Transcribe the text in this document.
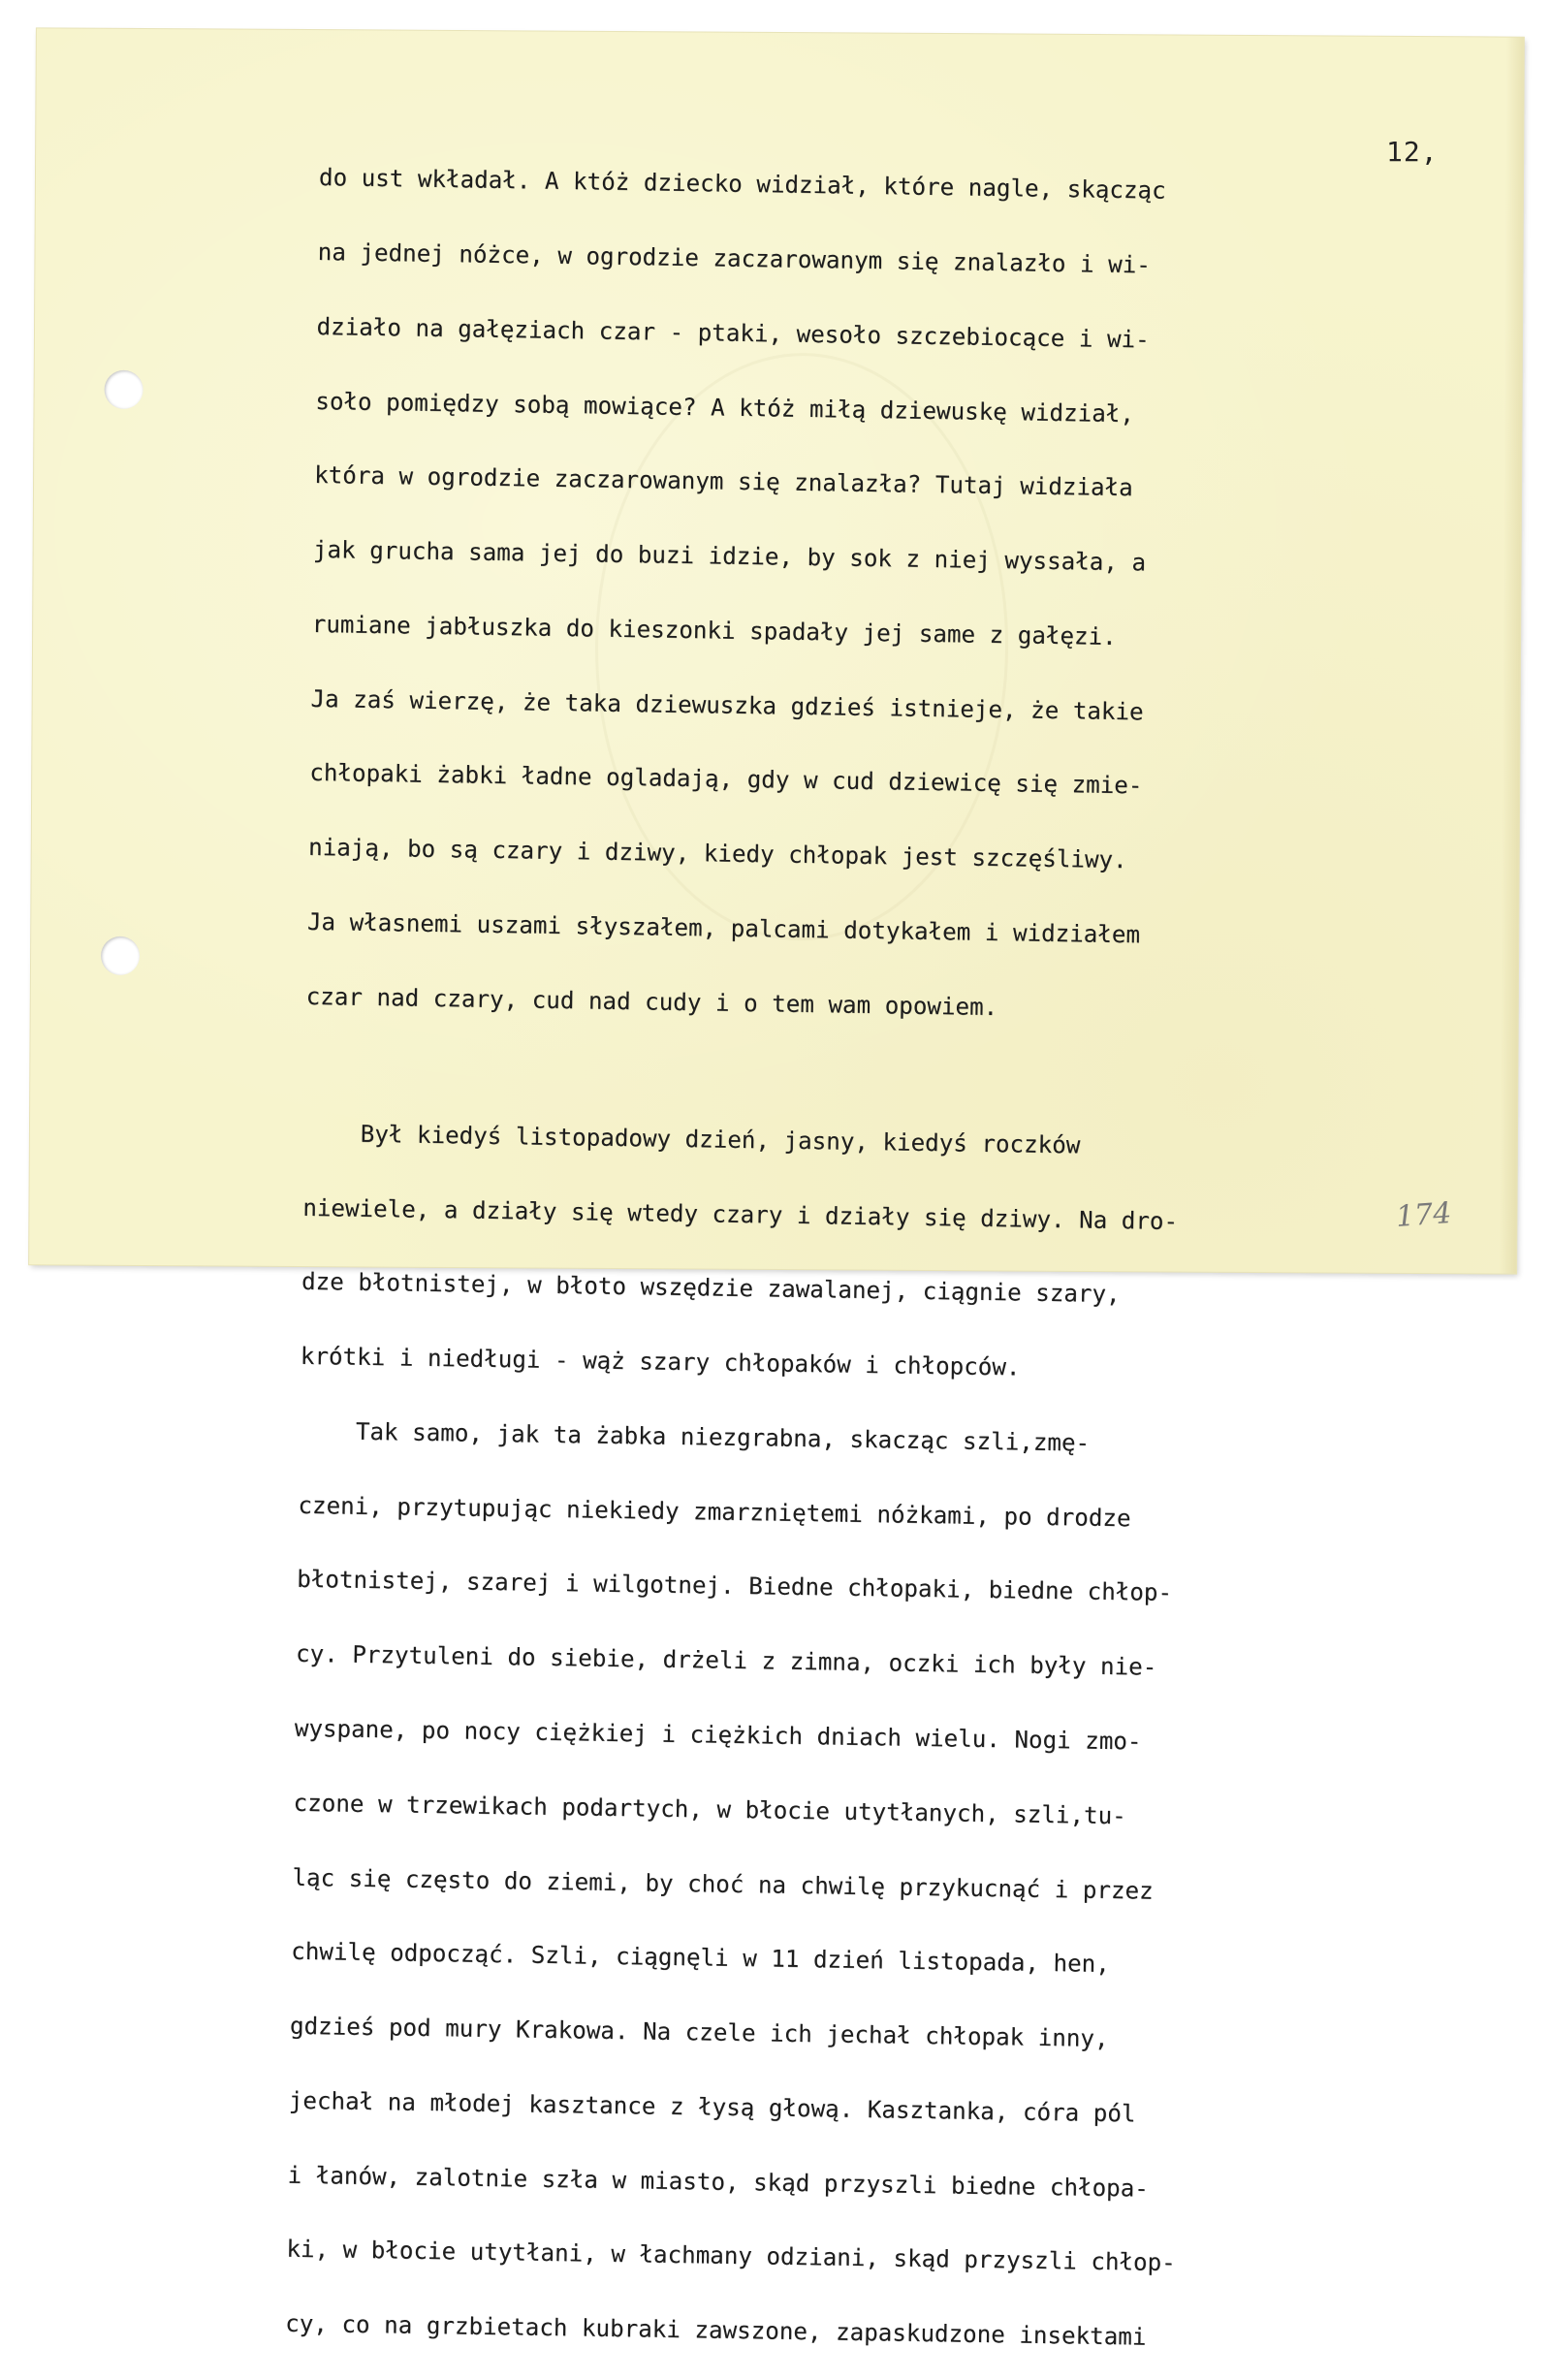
12,

do ust wkładał. A któż dziecko widział, które nagle, skącząc

na jednej nóżce, w ogrodzie zaczarowanym się znalazło i wi-

działo na gałęziach czar - ptaki, wesoło szczebiocące i wi-

soło pomiędzy sobą mowiące? A któż miłą dziewuskę widział,

która w ogrodzie zaczarowanym się znalazła? Tutaj widziała

jak grucha sama jej do buzi idzie, by sok z niej wyssała, a

rumiane jabłuszka do kieszonki spadały jej same z gałęzi.

Ja zaś wierzę, że taka dziewuszka gdzieś istnieje, że takie

chłopaki żabki ładne ogladają, gdy w cud dziewicę się zmie-

niają, bo są czary i dziwy, kiedy chłopak jest szczęśliwy.

Ja własnemi uszami słyszałem, palcami dotykałem i widziałem

czar nad czary, cud nad cudy i o tem wam opowiem.

Był kiedyś listopadowy dzień, jasny, kiedyś roczków

niewiele, a działy się wtedy czary i działy się dziwy. Na dro-

dze błotnistej, w błoto wszędzie zawalanej, ciągnie szary,

krótki i niedługi - wąż szary chłopaków i chłopców.

Tak samo, jak ta żabka niezgrabna, skacząc szli,zmę-

czeni, przytupując niekiedy zmarzniętemi nóżkami, po drodze

błotnistej, szarej i wilgotnej. Biedne chłopaki, biedne chłop-

cy. Przytuleni do siebie, drżeli z zimna, oczki ich były nie-

wyspane, po nocy ciężkiej i ciężkich dniach wielu. Nogi zmo-

czone w trzewikach podartych, w błocie utytłanych, szli,tu-

ląc się często do ziemi, by choć na chwilę przykucnąć i przez

chwilę odpocząć. Szli, ciągnęli w 11 dzień listopada, hen,

gdzieś pod mury Krakowa. Na czele ich jechał chłopak inny,

jechał na młodej kasztance z łysą głową. Kasztanka, córa pól

i łanów, zalotnie szła w miasto, skąd przyszli biedne chłopa-

ki, w błocie utytłani, w łachmany odziani, skąd przyszli chłop-

cy, co na grzbietach kubraki zawszone, zapaskudzone insektami

174
